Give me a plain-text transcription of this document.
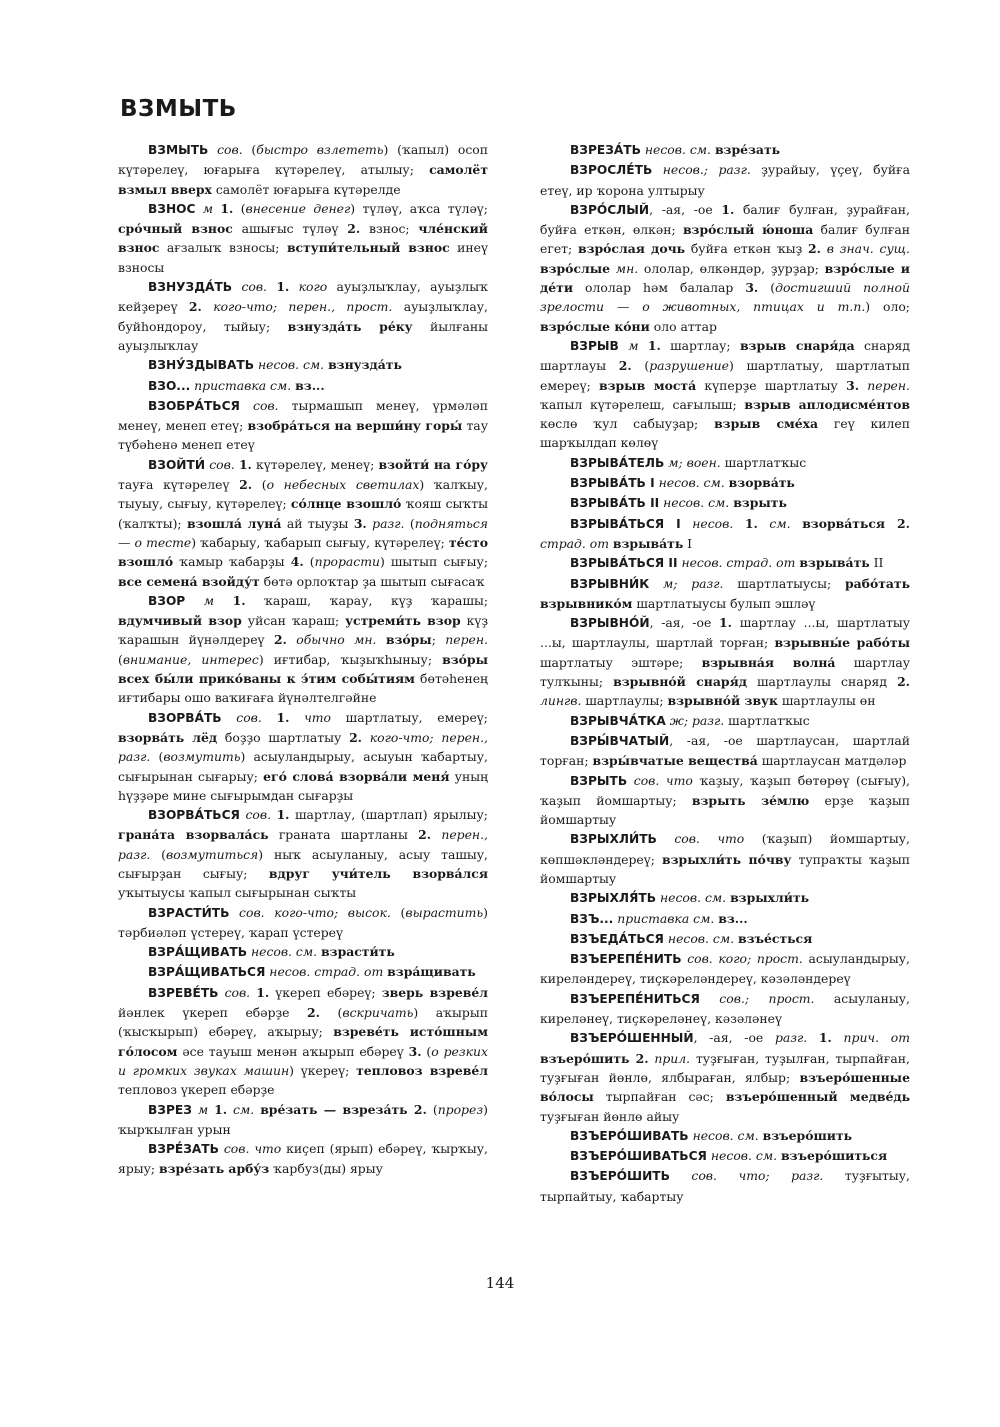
ВЗМЫТЬ

ВЗМЫТЬ сов. (быстро взлететь) (ҡапыл) осоп күтәрелеү, юғарыға күтәрелеү, атылыу; самолёт взмыл вверх самолёт юғарыға күтәрелде

ВЗНОС м 1. (внесение денег) түләү, аҡса түләү; сро́чный взнос ашығыс түләү 2. взнос; чле́нский взнос ағзалыҡ взносы; вступи́тельный взнос инеү взносы

ВЗНУЗДА́ТЬ сов. 1. кого ауыҙлыҡлау, ауыҙлыҡ кейҙереү 2. кого-что; перен., прост. ауыҙлыҡлау, буйһондороу, тыйыу; взнузда́ть ре́ку йылғаны ауыҙлыҡлау

ВЗНУ́ЗДЫВАТЬ несов. см. взнузда́ть

ВЗО... приставка см. вз...

ВЗОБРА́ТЬСЯ сов. тырмашып менеү, үрмәләп менеү, менеп етеү; взобра́ться на верши́ну горы́ тау түбәһенә менеп етеү

ВЗОЙТИ́ сов. 1. күтәрелеү, менеү; взойти́ на го́ру тауға күтәрелеү 2. (о небесных светилах) ҡалҡыу, тыуыу, сығыу, күтәрелеү; со́лнце взошло́ ҡояш сыҡты (ҡалҡты); взошла́ луна́ ай тыуҙы 3. разг. (подняться — о тесте) ҡабарыу, ҡабарып сығыу, күтәрелеү; те́сто взошло́ ҡамыр ҡабарҙы 4. (прорасти) шытып сығыу; все семена́ взойду́т бөтә орлоҡтар ҙа шытып сығасаҡ

ВЗОР м 1. ҡараш, ҡарау, күҙ ҡарашы; вдумчивый взор уйсан ҡараш; устреми́ть взор күҙ ҡарашын йүнәлдереү 2. обычно мн. взо́ры; перен. (внимание, интерес) иғтибар, ҡыҙыҡһыныу; взо́ры всех бы́ли прико́ваны к э́тим собы́тиям бөтәһенең иғтибары ошо ваҡиғаға йүнәлтелгәйне

ВЗОРВА́ТЬ сов. 1. что шартлатыу, емереү; взорва́ть лёд боҙҙо шартлатыу 2. кого-что; перен., разг. (возмутить) асыуландырыу, асыуын ҡабартыу, сығырынан сығарыу; его́ слова́ взорва́ли меня́ уның һүҙҙәре мине сығырымдан сығарҙы

ВЗОРВА́ТЬСЯ сов. 1. шартлау, (шартлап) ярылыу; грана́та взорвала́сь граната шартланы 2. перен., разг. (возмутиться) ныҡ асыуланыу, асыу ташыу, сығырҙан сығыу; вдруг учи́тель взорва́лся уҡытыусы ҡапыл сығырынан сыҡты

ВЗРАСТИ́ТЬ сов. кого-что; высок. (вырастить) тәрбиәләп үстереү, ҡарап үстереү

ВЗРА́ЩИВАТЬ несов. см. взрасти́ть

ВЗРА́ЩИВАТЬСЯ несов. страд. от взра́щивать

ВЗРЕВЕ́ТЬ сов. 1. үкереп ебәреү; зверь взреве́л йәнлек үкереп ебәрҙе 2. (вскричать) аҡырып (ҡысҡырып) ебәреү, аҡырыу; взреве́ть исто́шным го́лосом әсе тауыш менән аҡырып ебәреү 3. (о резких и громких звуках машин) үкереү; тепловоз взреве́л тепловоз үкереп ебәрҙе

ВЗРЕЗ м 1. см. вре́зать — взреза́ть 2. (прорез) ҡырҡылған урын

ВЗРЕ́ЗАТЬ сов. что киҫеп (ярып) ебәреү, ҡырҡыу, ярыу; взре́зать арбу́з ҡарбуз(ды) ярыу

ВЗРЕЗА́ТЬ несов. см. взре́зать

ВЗРОСЛЕ́ТЬ несов.; разг. ҙурайыу, үҫеү, буйға етеү, ир ҡорона ултырыу

ВЗРО́СЛЫЙ, -ая, -ое 1. балиғ булған, ҙурайған, буйға еткән, өлкән; взро́слый ю́ноша балиғ булған егет; взро́слая дочь буйға еткән ҡыҙ 2. в знач. сущ. взро́слые мн. ололар, өлкәндәр, ҙурҙар; взро́слые и де́ти ололар һәм балалар 3. (достигший полной зрелости — о животных, птицах и т.п.) оло; взро́слые ко́ни оло аттар

ВЗРЫВ м 1. шартлау; взрыв снаря́да снаряд шартлауы 2. (разрушение) шартлатыу, шартлатып емереү; взрыв моста́ күперҙе шартлатыу 3. перен. ҡапыл күтәрелеш, сағылыш; взрыв аплодисме́нтов көслө ҡул сабыуҙар; взрыв сме́ха геү килеп шарҡылдап көлөү

ВЗРЫВА́ТЕЛЬ м; воен. шартлатҡыс

ВЗРЫВА́ТЬ I несов. см. взорва́ть

ВЗРЫВА́ТЬ II несов. см. взрыть

ВЗРЫВА́ТЬСЯ I несов. 1. см. взорва́ться 2. страд. от взрыва́ть I

ВЗРЫВА́ТЬСЯ II несов. страд. от взрыва́ть II

ВЗРЫВНИ́К м; разг. шартлатыусы; рабо́тать взрывнико́м шартлатыусы булып эшләү

ВЗРЫВНО́Й, -ая, -ое 1. шартлау ...ы, шартлатыу ...ы, шартлаулы, шартлай торған; взрывны́е рабо́ты шартлатыу эштәре; взрывна́я волна́ шартлау тулҡыны; взрывно́й снаря́д шартлаулы снаряд 2. лингв. шартлаулы; взрывно́й звук шартлаулы өн

ВЗРЫВЧА́ТКА ж; разг. шартлатҡыс

ВЗРЫ́ВЧАТЫЙ, -ая, -ое шартлаусан, шартлай торған; взры́вчатые вещества́ шартлаусан матдәләр

ВЗРЫТЬ сов. что ҡаҙыу, ҡаҙып бөтөрөү (сығыу), ҡаҙып йомшартыу; взрыть зе́млю ерҙе ҡаҙып йомшартыу

ВЗРЫХЛИ́ТЬ сов. что (ҡаҙып) йомшартыу, көпшәкләндереү; взрыхли́ть по́чву тупраҡты ҡаҙып йомшартыу

ВЗРЫХЛЯ́ТЬ несов. см. взрыхли́ть

ВЗЪ... приставка см. вз...

ВЗЪЕДА́ТЬСЯ несов. см. взъе́сться

ВЗЪЕРЕПЕ́НИТЬ сов. кого; прост. асыуландырыу, киреләндереү, тиҫкәреләндереү, кәзәләндереү

ВЗЪЕРЕПЕ́НИТЬСЯ сов.; прост. асыуланыу, киреләнеү, тиҫкәреләнеү, кәзәләнеү

ВЗЪЕРО́ШЕННЫЙ, -ая, -ое разг. 1. прич. от взъеро́шить 2. прил. туҙғыған, туҙылған, тырпайған, туҙғыған йөнлө, ялбыраған, ялбыр; взъеро́шенные во́лосы тырпайған сәс; взъеро́шенный медве́дь туҙғыған йөнлө айыу

ВЗЪЕРО́ШИВАТЬ несов. см. взъеро́шить

ВЗЪЕРО́ШИВАТЬСЯ несов. см. взъеро́шиться

ВЗЪЕРО́ШИТЬ сов. что; разг. туҙғытыу, тырпайтыу, ҡабартыу

144
